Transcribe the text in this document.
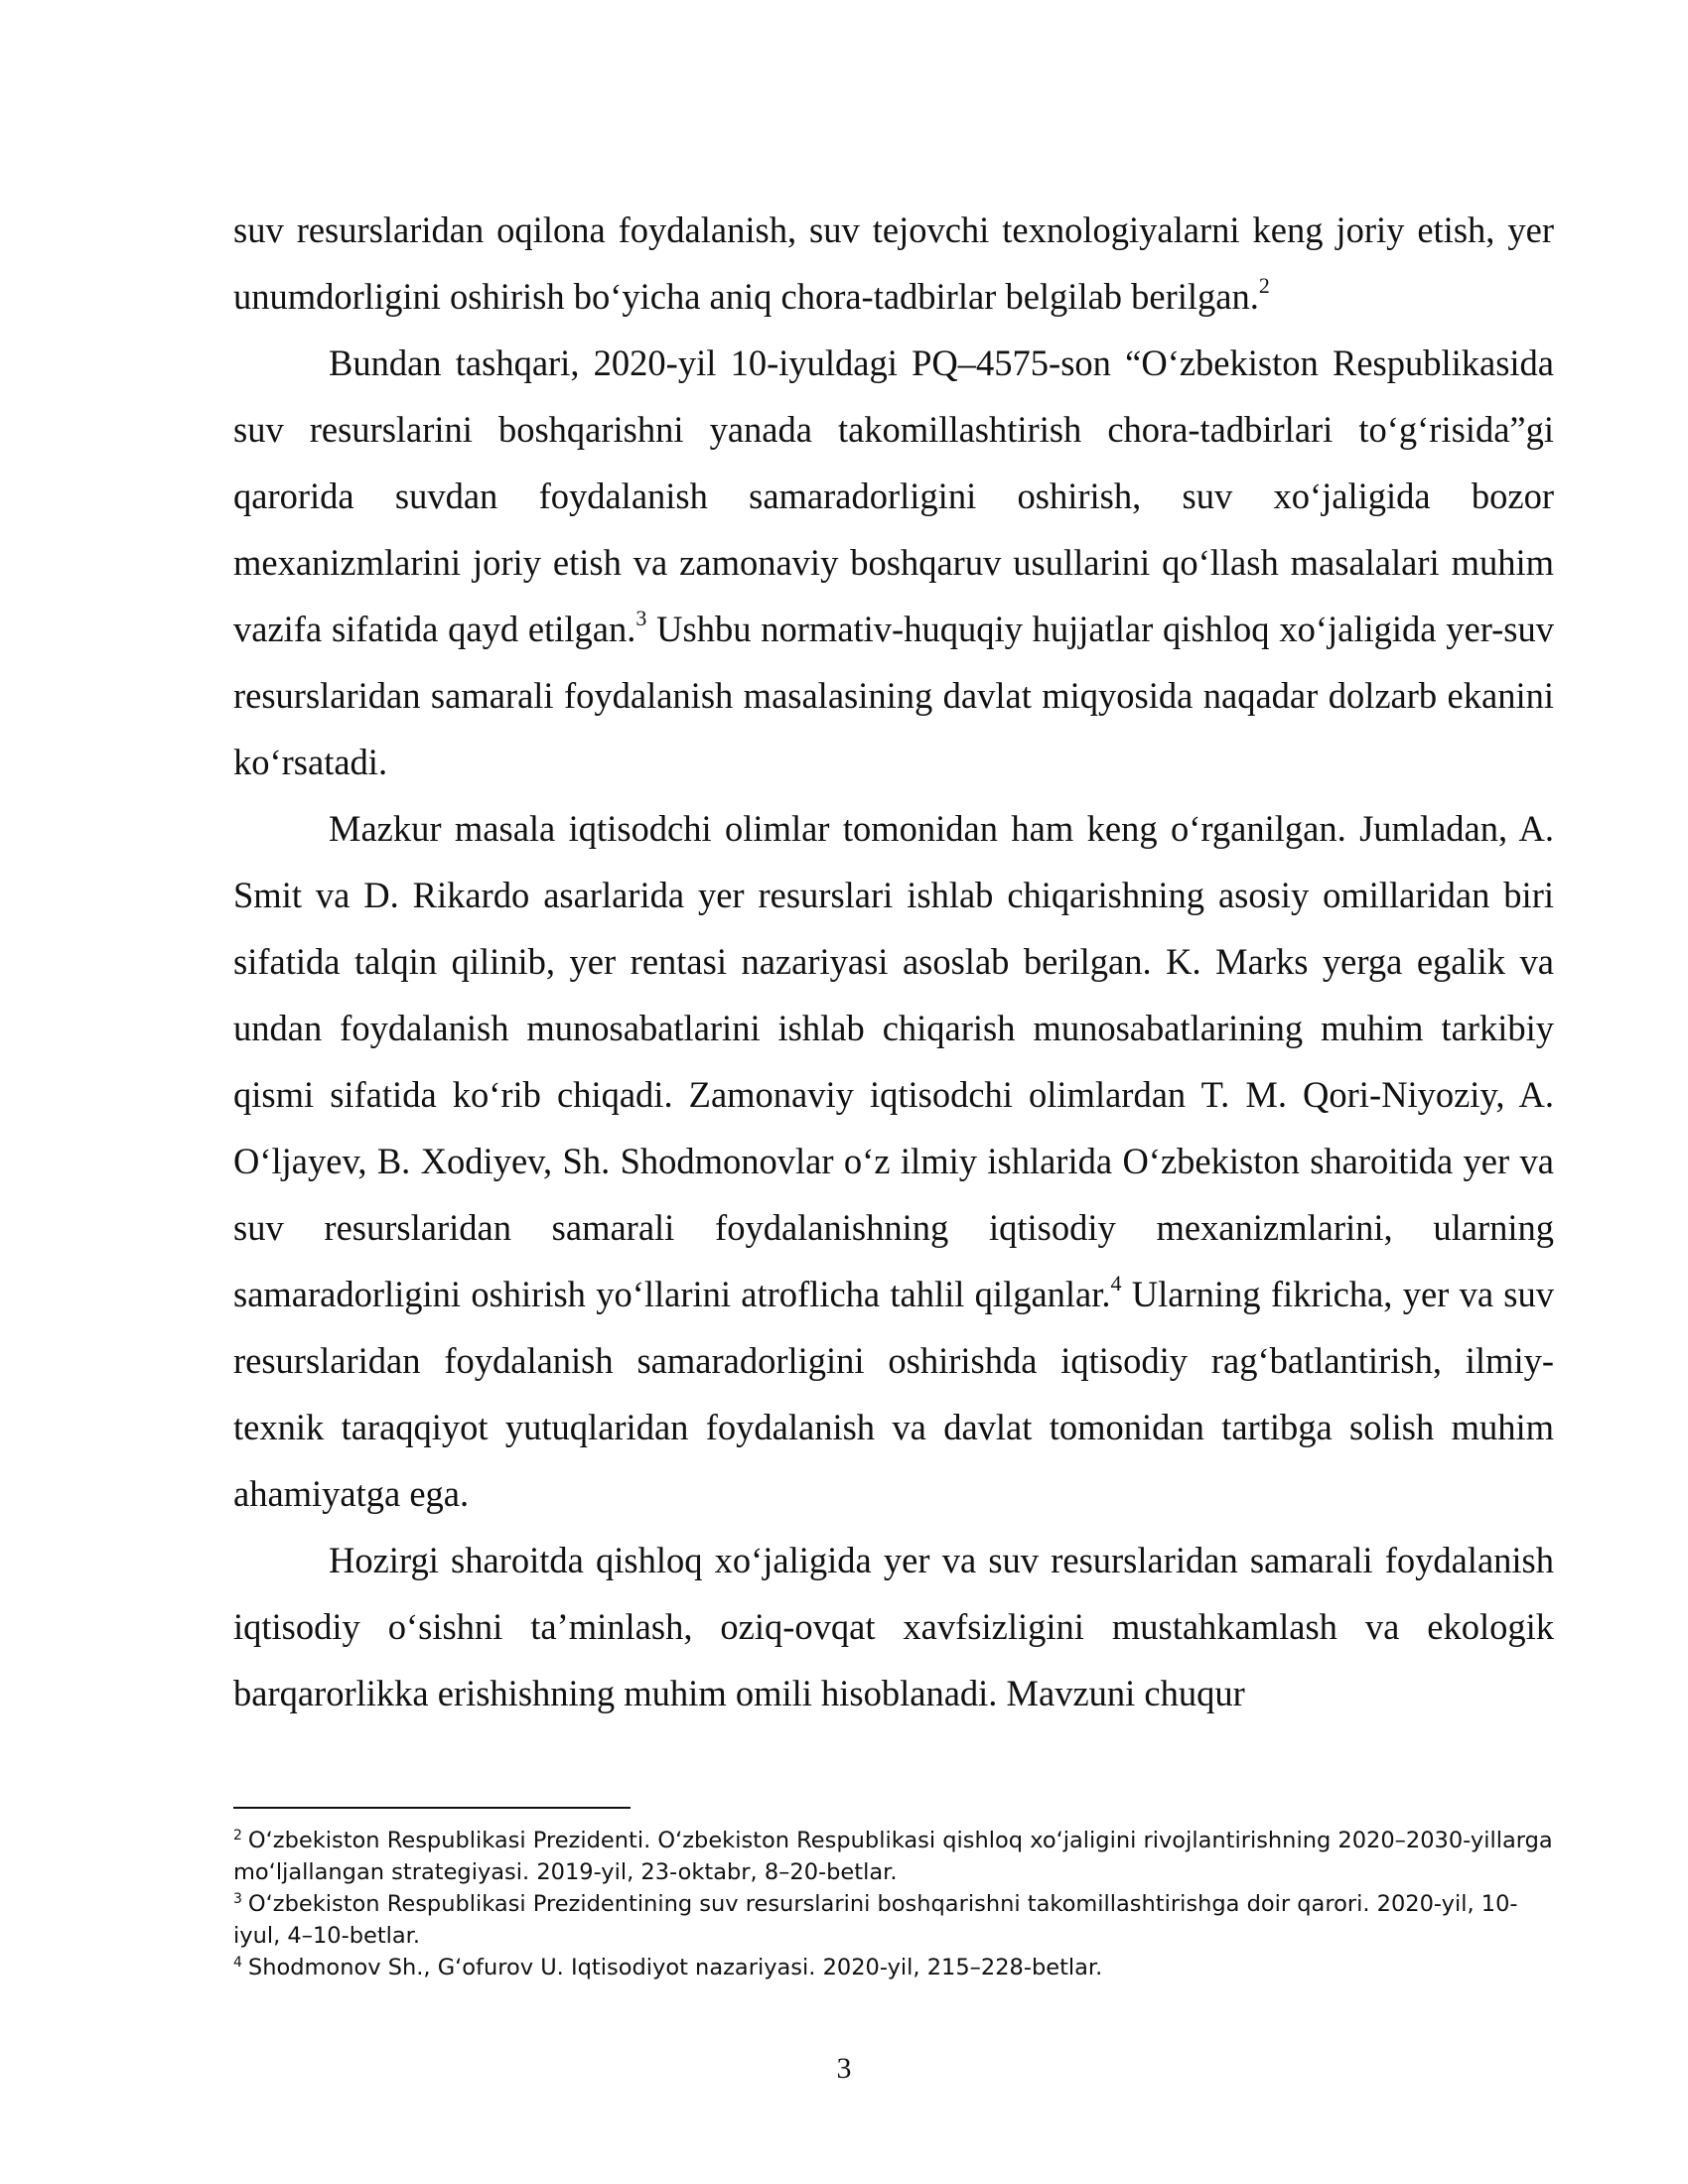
suv resurslaridan oqilona foydalanish, suv tejovchi texnologiyalarni keng joriy etish, yer unumdorligini oshirish bo‘yicha aniq chora-tadbirlar belgilab berilgan.$^2$

Bundan tashqari, 2020-yil 10-iyuldagi PQ–4575-son “O‘zbekiston Respublikasida suv resurslarini boshqarishni yanada takomillashtirish chora-tadbirlari to‘g‘risida”gi qarorida suvdan foydalanish samaradorligini oshirish, suv xo‘jaligida bozor mexanizmlarini joriy etish va zamonaviy boshqaruv usullarini qo‘llash masalalari muhim vazifa sifatida qayd etilgan.$^3$ Ushbu normativ-huquqiy hujjatlar qishloq xo‘jaligida yer-suv resurslaridan samarali foydalanish masalasining davlat miqyosida naqadar dolzarb ekanini ko‘rsatadi.

Mazkur masala iqtisodchi olimlar tomonidan ham keng o‘rganilgan. Jumladan, A. Smit va D. Rikardo asarlarida yer resurslari ishlab chiqarishning asosiy omillaridan biri sifatida talqin qilinib, yer rentasi nazariyasi asoslab berilgan. K. Marks yerga egalik va undan foydalanish munosabatlarini ishlab chiqarish munosabatlarining muhim tarkibiy qismi sifatida ko‘rib chiqadi. Zamonaviy iqtisodchi olimlardan T. M. Qori-Niyoziy, A. O‘ljayev, B. Xodiyev, Sh. Shodmonovlar o‘z ilmiy ishlarida O‘zbekiston sharoitida yer va suv resurslaridan samarali foydalanishning iqtisodiy mexanizmlarini, ularning samaradorligini oshirish yo‘llarini atroflicha tahlil qilganlar.$^4$ Ularning fikricha, yer va suv resurslaridan foydalanish samaradorligini oshirishda iqtisodiy rag‘batlantirish, ilmiy-texnik taraqqiyot yutuqlaridan foydalanish va davlat tomonidan tartibga solish muhim ahamiyatga ega.

Hozirgi sharoitda qishloq xo‘jaligida yer va suv resurslaridan samarali foydalanish iqtisodiy o‘sishni ta’minlash, oziq-ovqat xavfsizligini mustahkamlash va ekologik barqarorlikka erishishning muhim omili hisoblanadi. Mavzuni chuqur

$^2$ O‘zbekiston Respublikasi Prezidenti. O‘zbekiston Respublikasi qishloq xo‘jaligini rivojlantirishning 2020–2030-yillarga mo‘ljallangan strategiyasi. 2019-yil, 23-oktabr, 8–20-betlar.

$^3$ O‘zbekiston Respublikasi Prezidentining suv resurslarini boshqarishni takomillashtirishga doir qarori. 2020-yil, 10-iyul, 4–10-betlar.

$^4$ Shodmonov Sh., G‘ofurov U. Iqtisodiyot nazariyasi. 2020-yil, 215–228-betlar.

3
